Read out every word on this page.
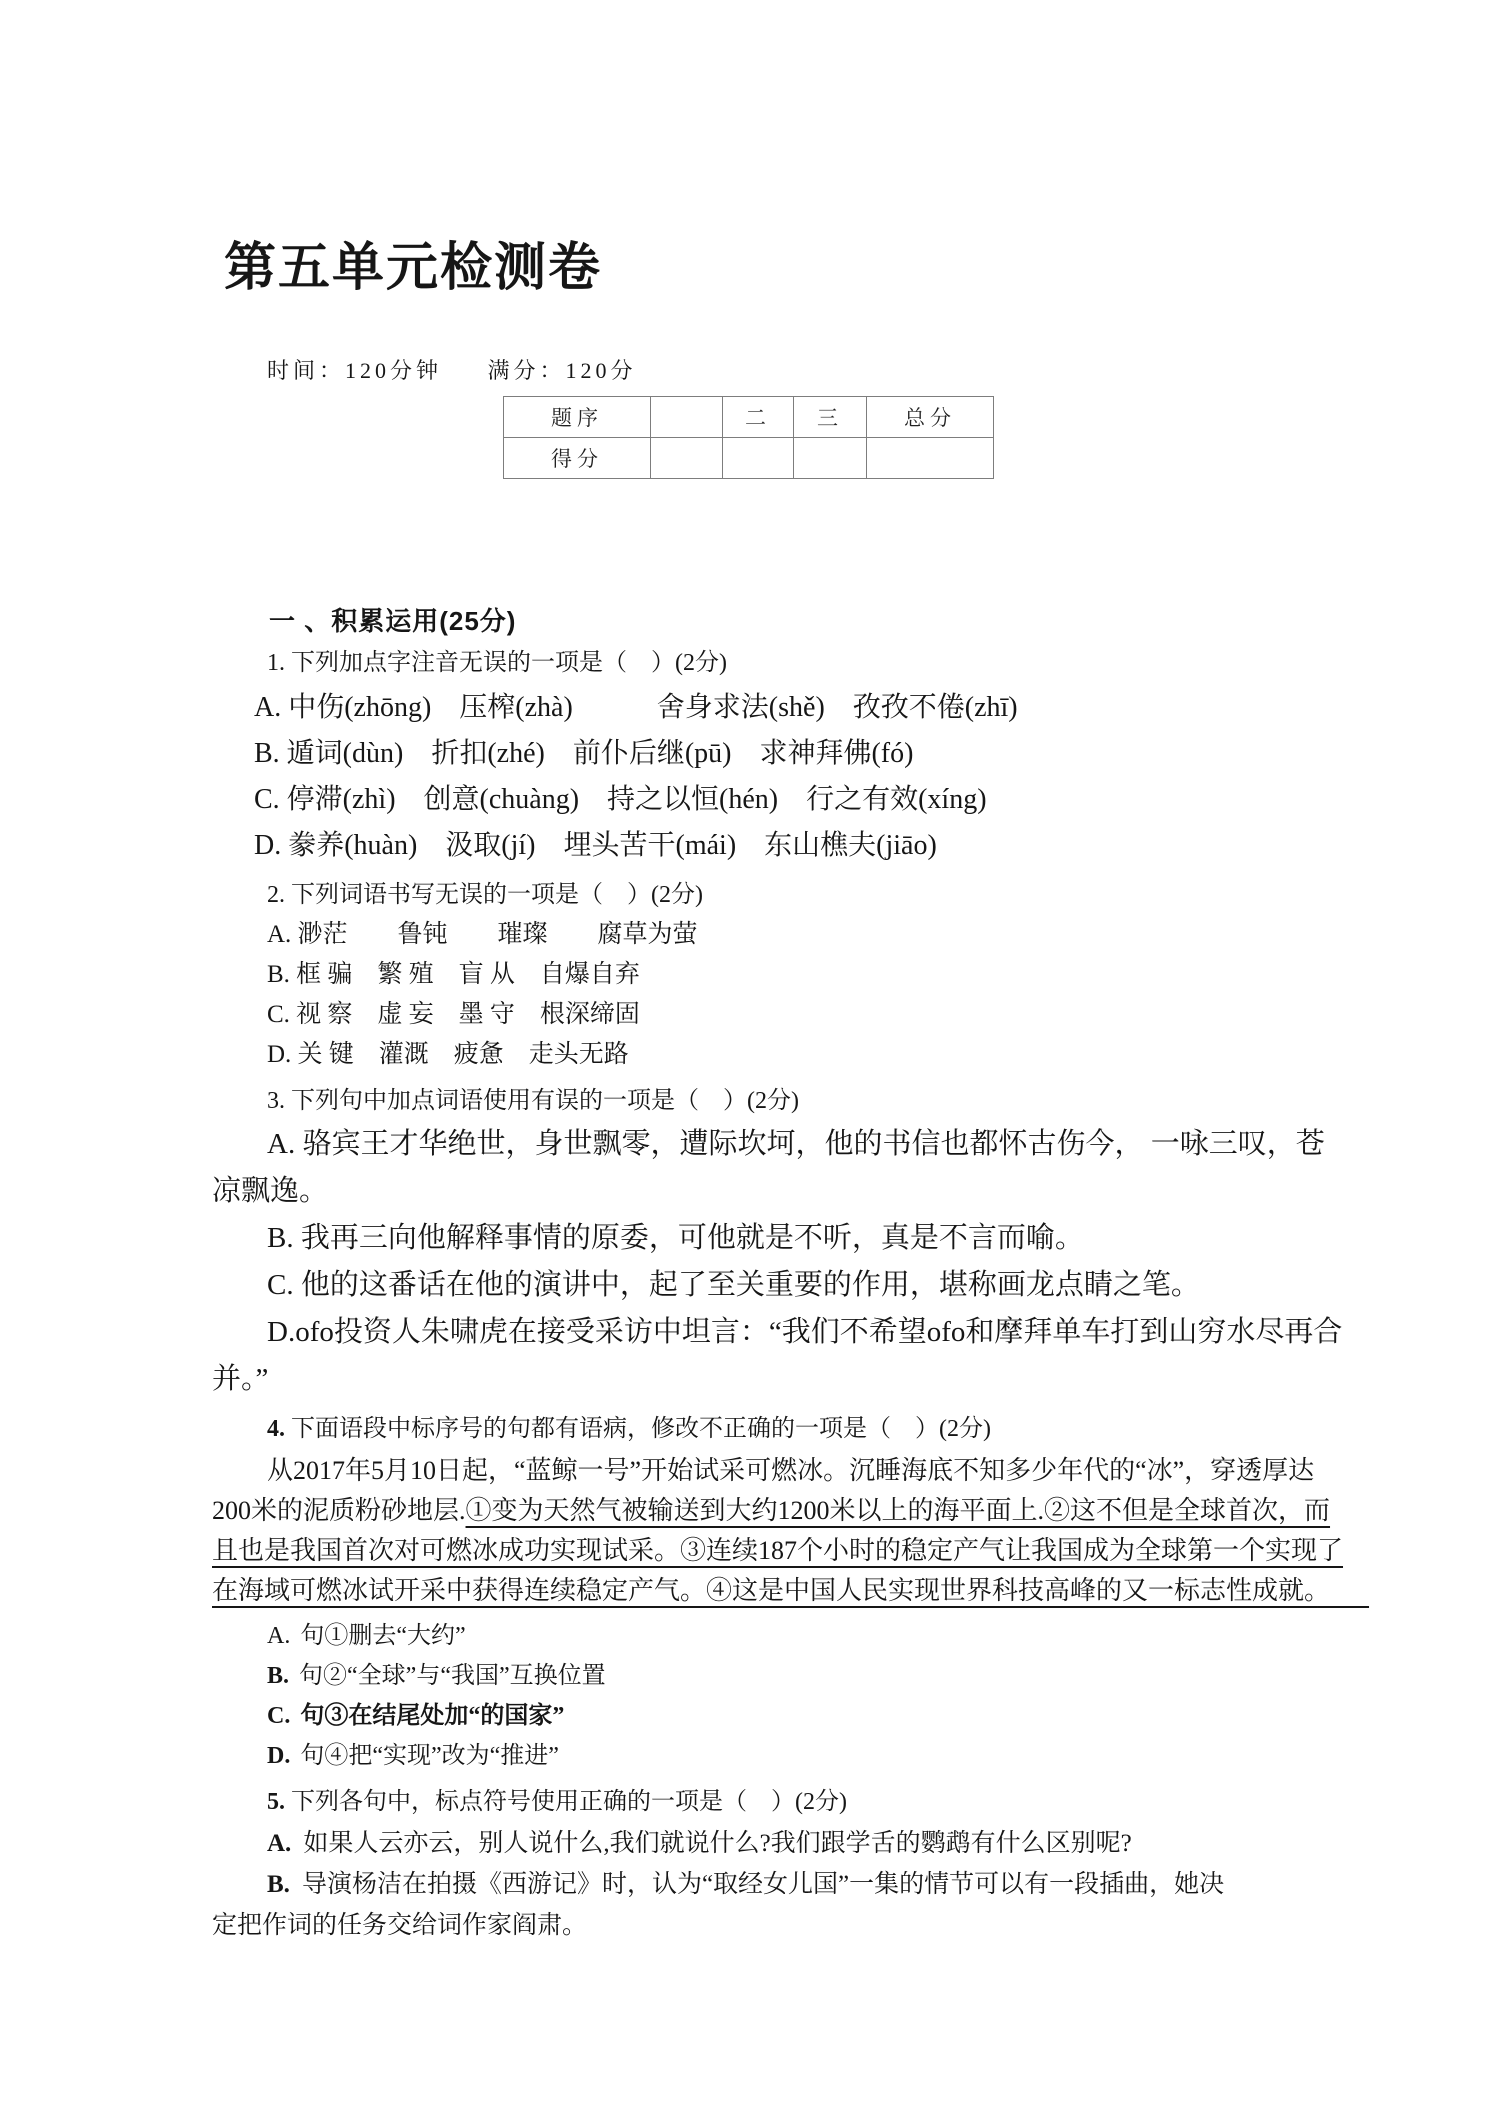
第五单元检测卷
时间：120分钟 满分：120分
题序		二	三	总分
得分				
一 、积累运用(25分)

1. 下列加点字注音无误的一项是（　）(2分)

A. 中伤(zhōng)　压榨(zhà)　　　舍身求法(shě)　孜孜不倦(zhī)

B. 遁词(dùn)　折扣(zhé)　前仆后继(pū)　求神拜佛(fó)

C. 停滞(zhì)　创意(chuàng)　持之以恒(hén)　行之有效(xíng)

D. 豢养(huàn)　汲取(jí)　埋头苦干(mái)　东山樵夫(jiāo)

2. 下列词语书写无误的一项是（　）(2分)

A. 渺茫　　鲁钝　　璀璨　　腐草为萤

B. 框 骗　繁 殖　盲 从　自爆自弃

C. 视 察　虚 妄　墨 守　根深缔固

D. 关 键　灌溉　疲惫　走头无路

3. 下列句中加点词语使用有误的一项是（　）(2分)

A. 骆宾王才华绝世，身世飘零，遭际坎坷，他的书信也都怀古伤今， 一咏三叹，苍凉飘逸。

B. 我再三向他解释事情的原委，可他就是不听，真是不言而喻。

C. 他的这番话在他的演讲中，起了至关重要的作用，堪称画龙点睛之笔。

D.ofo投资人朱啸虎在接受采访中坦言：“我们不希望ofo和摩拜单车打到山穷水尽再合并。”

4. 下面语段中标序号的句都有语病，修改不正确的一项是（　）(2分)

从2017年5月10日起，“蓝鲸一号”开始试采可燃冰。沉睡海底不知多少年代的“冰”，穿透厚达200米的泥质粉砂地层.①变为天然气被输送到大约1200米以上的海平面上.②这不但是全球首次，而且也是我国首次对可燃冰成功实现试采。③连续187个小时的稳定产气让我国成为全球第一个实现了在海域可燃冰试开采中获得连续稳定产气。④这是中国人民实现世界科技高峰的又一标志性成就。

A. 句①删去“大约”

B. 句②“全球”与“我国”互换位置

C. 句③在结尾处加“的国家”

D. 句④把“实现”改为“推进”

5. 下列各句中，标点符号使用正确的一项是（　）(2分)

A. 如果人云亦云，别人说什么,我们就说什么?我们跟学舌的鹦鹉有什么区别呢?

B. 导演杨洁在拍摄《西游记》时，认为“取经女儿国”一集的情节可以有一段插曲，她决定把作词的任务交给词作家阎肃。
